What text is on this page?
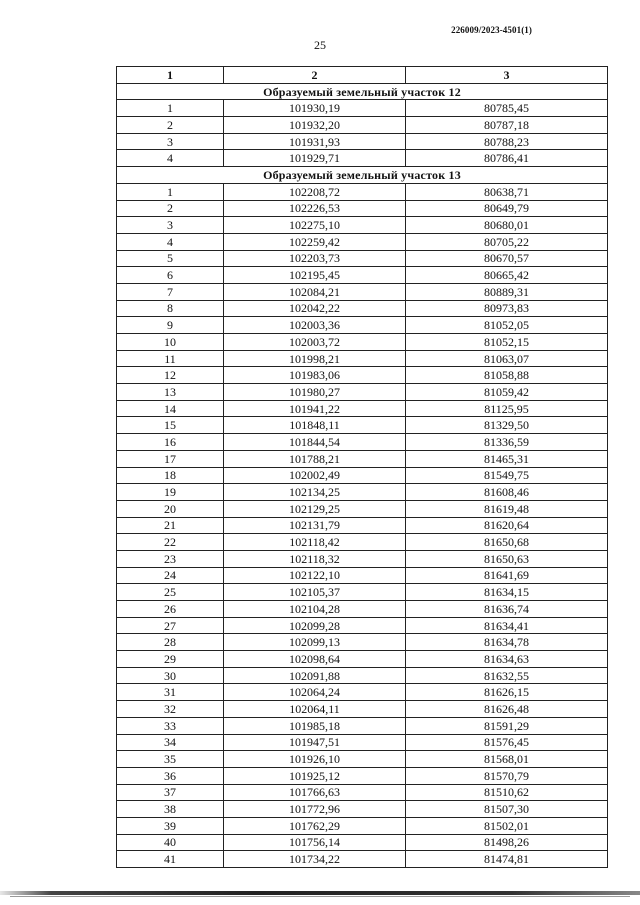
226009/2023-4501(1)
25
1	2	3
Образуемый земельный участок 12		
1	101930,19	80785,45
2	101932,20	80787,18
3	101931,93	80788,23
4	101929,71	80786,41
Образуемый земельный участок 13		
1	102208,72	80638,71
2	102226,53	80649,79
3	102275,10	80680,01
4	102259,42	80705,22
5	102203,73	80670,57
6	102195,45	80665,42
7	102084,21	80889,31
8	102042,22	80973,83
9	102003,36	81052,05
10	102003,72	81052,15
11	101998,21	81063,07
12	101983,06	81058,88
13	101980,27	81059,42
14	101941,22	81125,95
15	101848,11	81329,50
16	101844,54	81336,59
17	101788,21	81465,31
18	102002,49	81549,75
19	102134,25	81608,46
20	102129,25	81619,48
21	102131,79	81620,64
22	102118,42	81650,68
23	102118,32	81650,63
24	102122,10	81641,69
25	102105,37	81634,15
26	102104,28	81636,74
27	102099,28	81634,41
28	102099,13	81634,78
29	102098,64	81634,63
30	102091,88	81632,55
31	102064,24	81626,15
32	102064,11	81626,48
33	101985,18	81591,29
34	101947,51	81576,45
35	101926,10	81568,01
36	101925,12	81570,79
37	101766,63	81510,62
38	101772,96	81507,30
39	101762,29	81502,01
40	101756,14	81498,26
41	101734,22	81474,81
